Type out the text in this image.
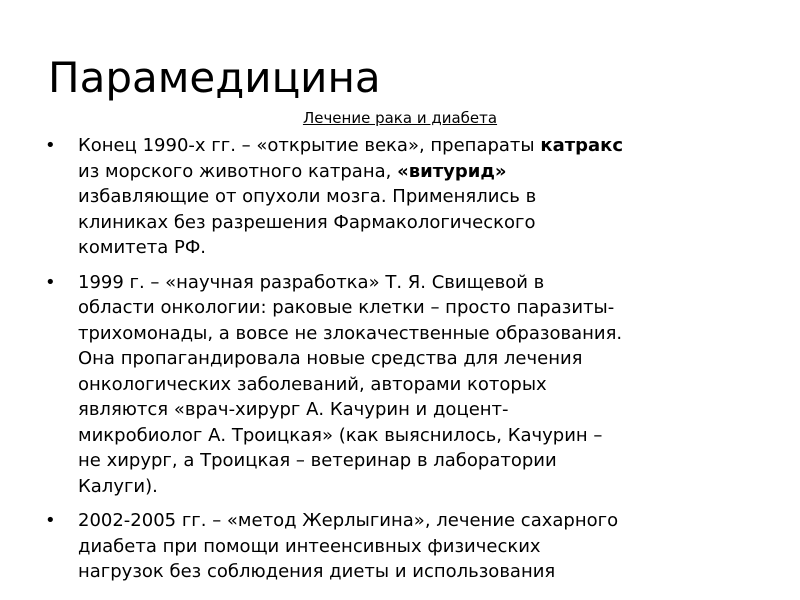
Парамедицина
Лечение рака и диабета
• Конец 1990-х гг. – «открытие века», препараты катракс
из морского животного катрана, «витурид»
избавляющие от опухоли мозга. Применялись в
клиниках без разрешения Фармакологического
комитета РФ.
• 1999 г. – «научная разработка» Т. Я. Свищевой в
области онкологии: раковые клетки – просто паразиты-
трихомонады, а вовсе не злокачественные образования.
Она пропагандировала новые средства для лечения
онкологических заболеваний, авторами которых
являются «врач-хирург А. Качурин и доцент-
микробиолог А. Троицкая» (как выяснилось, Качурин –
не хирург, а Троицкая – ветеринар в лаборатории
Калуги).
• 2002-2005 гг. – «метод Жерлыгина», лечение сахарного
диабета при помощи интеенсивных физических
нагрузок без соблюдения диеты и использования
